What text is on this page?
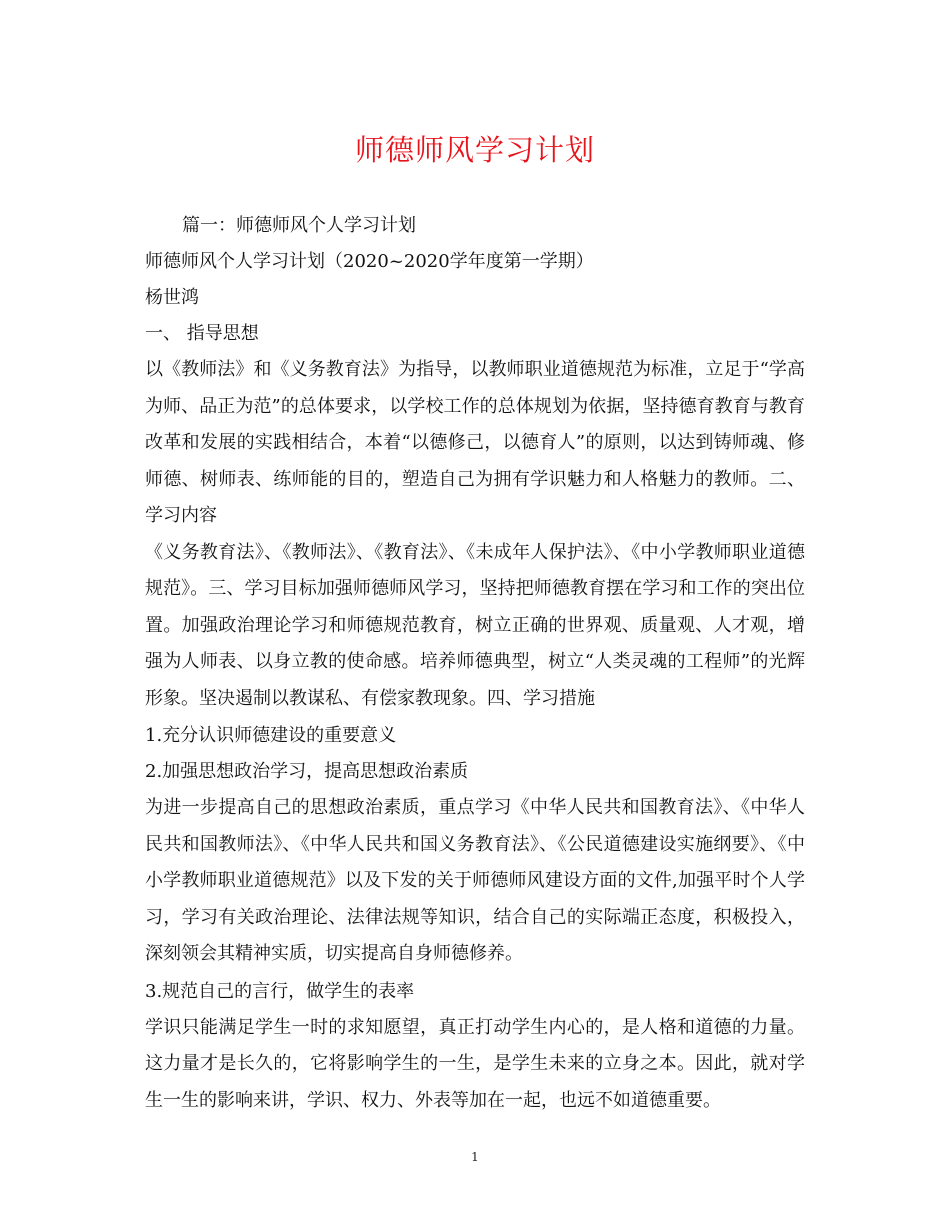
师德师风学习计划
篇一：师德师风个人学习计划
师德师风个人学习计划（2020~2020学年度第一学期）
杨世鸿
一、 指导思想

以《教师法》和《义务教育法》为指导，以教师职业道德规范为标准，立足于“学高为师、品正为范”的总体要求，以学校工作的总体规划为依据，坚持德育教育与教育改革和发展的实践相结合，本着“以德修己，以德育人”的原则，以达到铸师魂、修师德、树师表、练师能的目的，塑造自己为拥有学识魅力和人格魅力的教师。二、学习内容

《义务教育法》、《教师法》、《教育法》、《未成年人保护法》、《中小学教师职业道德规范》。三、学习目标加强师德师风学习，坚持把师德教育摆在学习和工作的突出位置。加强政治理论学习和师德规范教育，树立正确的世界观、质量观、人才观，增强为人师表、以身立教的使命感。培养师德典型，树立“人类灵魂的工程师”的光辉形象。坚决遏制以教谋私、有偿家教现象。四、学习措施

1.充分认识师德建设的重要意义
2.加强思想政治学习，提高思想政治素质

为进一步提高自己的思想政治素质，重点学习《中华人民共和国教育法》、《中华人民共和国教师法》、《中华人民共和国义务教育法》、《公民道德建设实施纲要》、《中小学教师职业道德规范》以及下发的关于师德师风建设方面的文件,加强平时个人学习，学习有关政治理论、法律法规等知识，结合自己的实际端正态度，积极投入，深刻领会其精神实质，切实提高自身师德修养。

3.规范自己的言行，做学生的表率

学识只能满足学生一时的求知愿望，真正打动学生内心的，是人格和道德的力量。这力量才是长久的，它将影响学生的一生，是学生未来的立身之本。因此，就对学生一生的影响来讲，学识、权力、外表等加在一起，也远不如道德重要。

1
